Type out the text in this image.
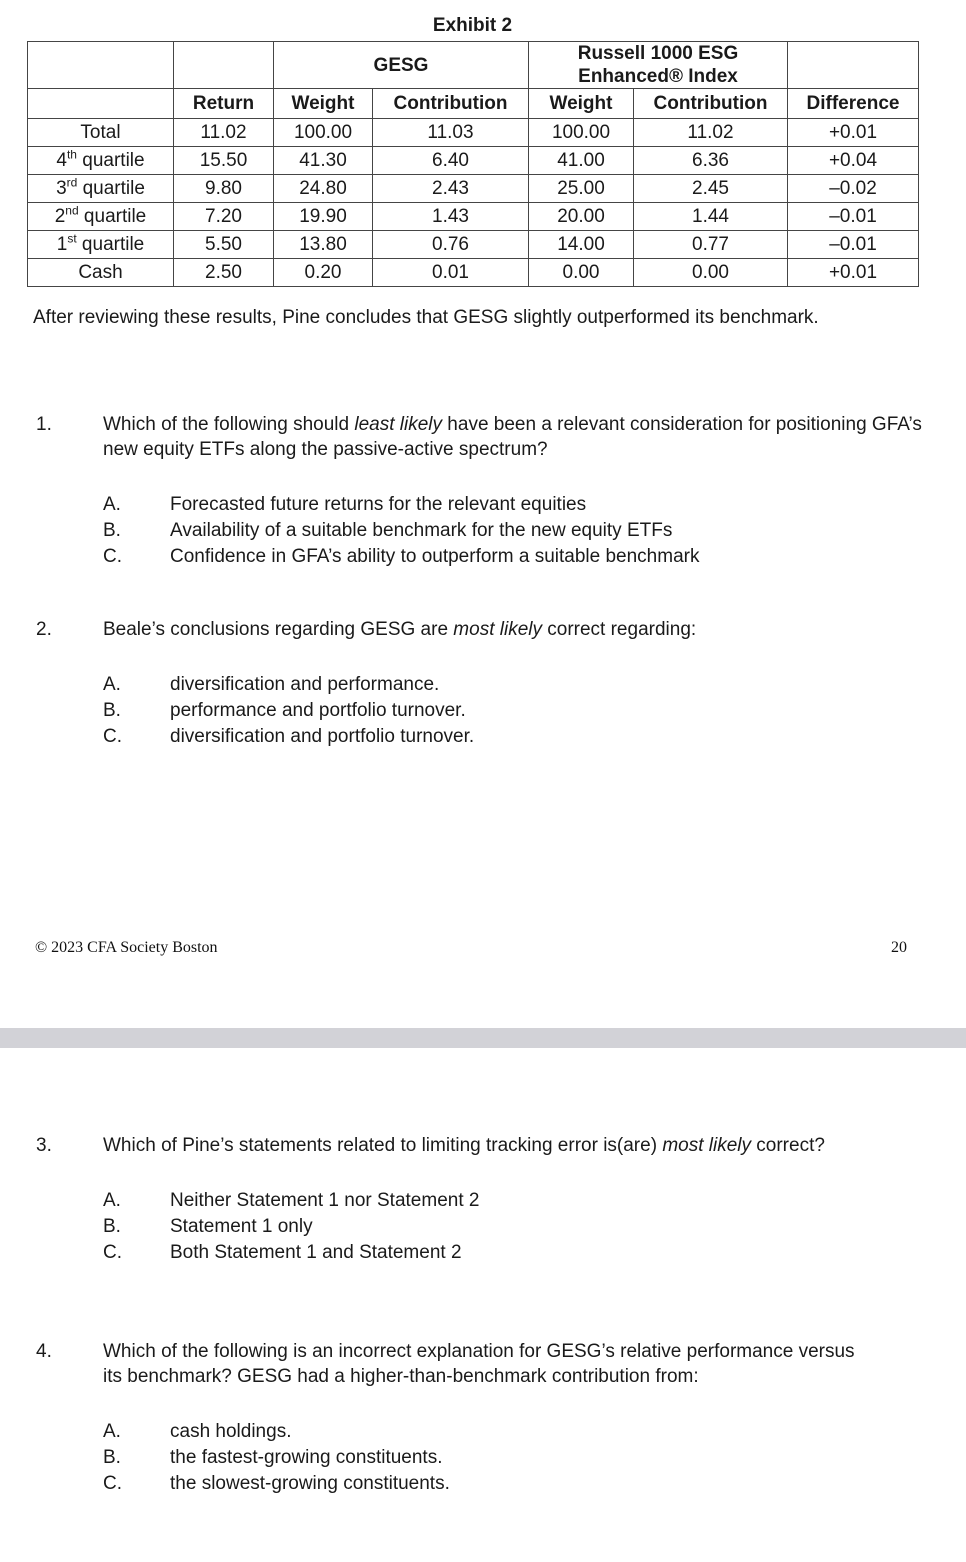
Exhibit 2
		GESG		Russell 1000 ESG Enhanced® Index		
	Return	Weight	Contribution	Weight	Contribution	Difference
Total	11.02	100.00	11.03	100.00	11.02	+0.01
4th quartile	15.50	41.30	6.40	41.00	6.36	+0.04
3rd quartile	9.80	24.80	2.43	25.00	2.45	–0.02
2nd quartile	7.20	19.90	1.43	20.00	1.44	–0.01
1st quartile	5.50	13.80	0.76	14.00	0.77	–0.01
Cash	2.50	0.20	0.01	0.00	0.00	+0.01
After reviewing these results, Pine concludes that GESG slightly outperformed its benchmark.
1.	Which of the following should least likely have been a relevant consideration for positioning GFA’s new equity ETFs along the passive-active spectrum?
A.	Forecasted future returns for the relevant equities
B.	Availability of a suitable benchmark for the new equity ETFs
C.	Confidence in GFA’s ability to outperform a suitable benchmark
2.	Beale’s conclusions regarding GESG are most likely correct regarding:
A.	diversification and performance.
B.	performance and portfolio turnover.
C.	diversification and portfolio turnover.
© 2023 CFA Society Boston	20
3.	Which of Pine’s statements related to limiting tracking error is(are) most likely correct?
A.	Neither Statement 1 nor Statement 2
B.	Statement 1 only
C.	Both Statement 1 and Statement 2
4.	Which of the following is an incorrect explanation for GESG’s relative performance versus its benchmark? GESG had a higher-than-benchmark contribution from:
A.	cash holdings.
B.	the fastest-growing constituents.
C.	the slowest-growing constituents.
